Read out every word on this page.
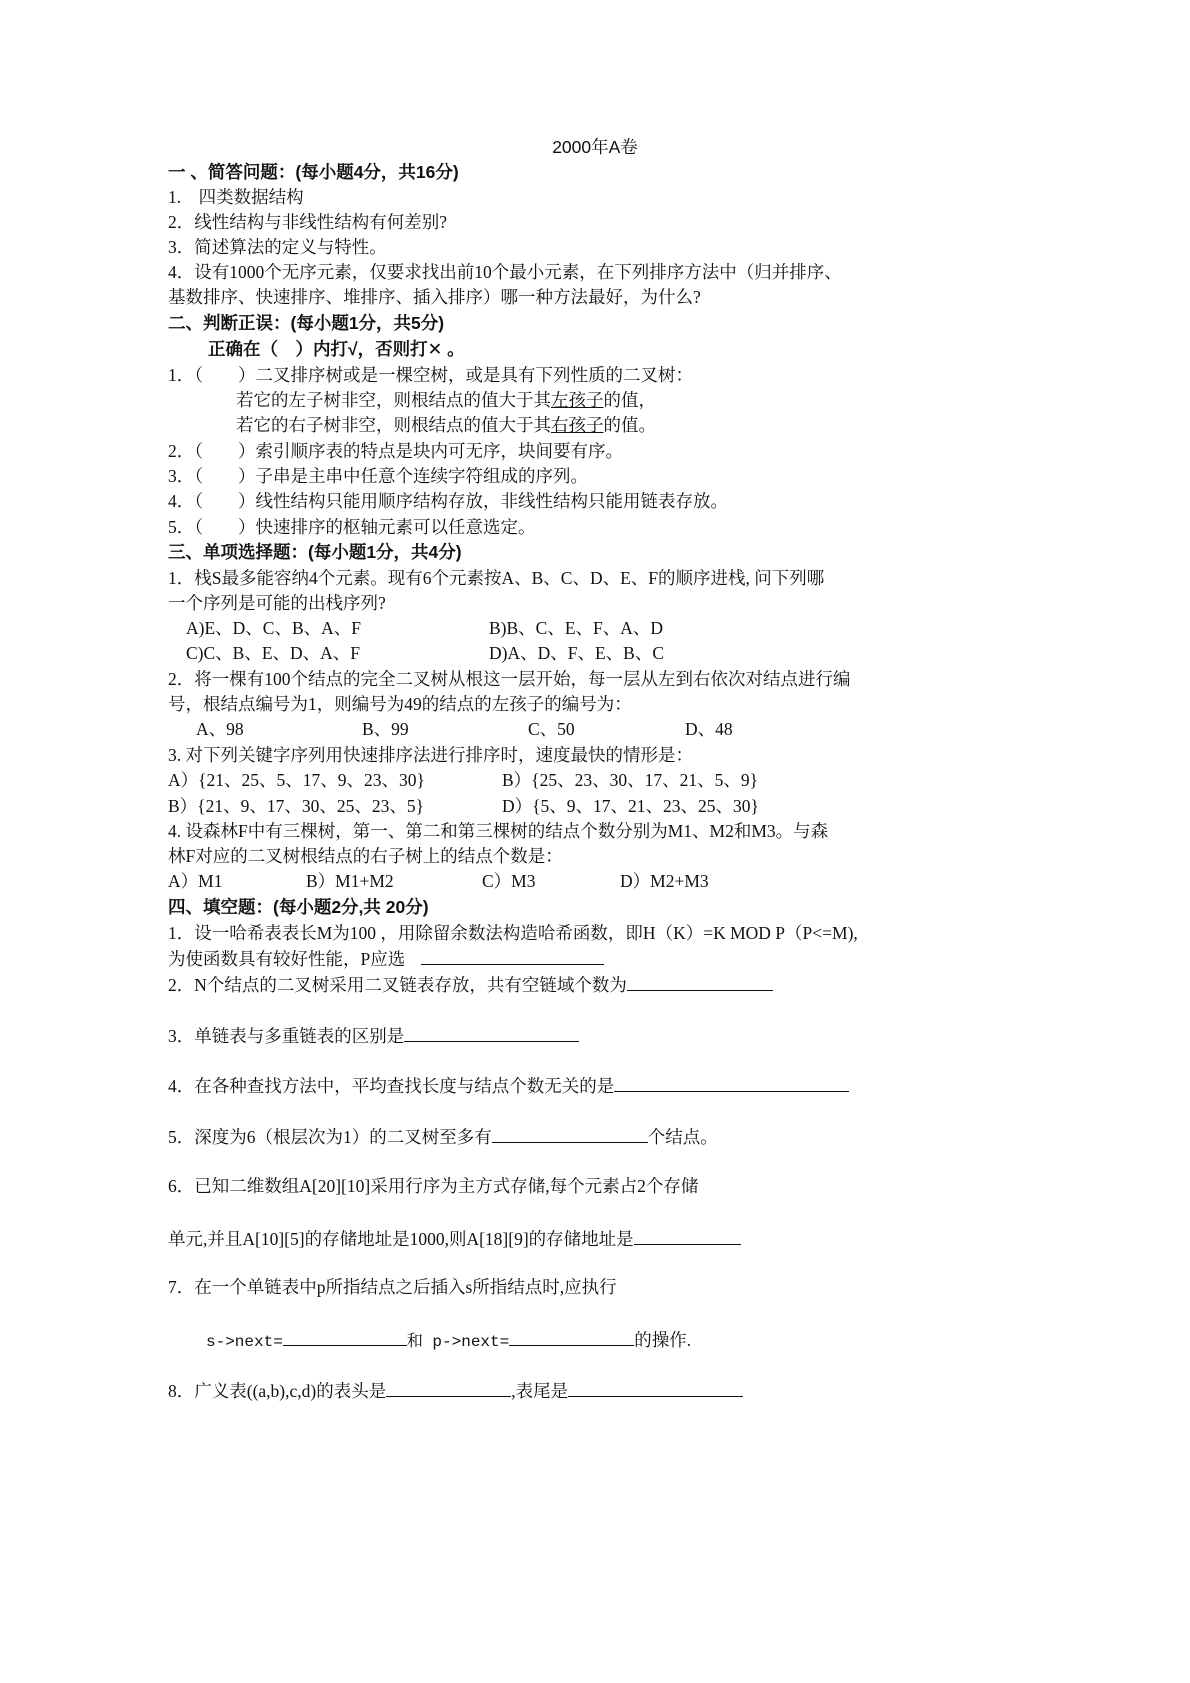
2000年A卷
一 、简答问题：(每小题4分，共16分)
1.　四类数据结构
2．线性结构与非线性结构有何差别?
3．简述算法的定义与特性。
4．设有1000个无序元素，仅要求找出前10个最小元素，在下列排序方法中（归并排序、
基数排序、快速排序、堆排序、插入排序）哪一种方法最好，为什么?
二、判断正误：(每小题1分，共5分)
正确在（　）内打√，否则打✕ 。
1．（　　）二叉排序树或是一棵空树，或是具有下列性质的二叉树：
若它的左子树非空，则根结点的值大于其左孩子的值，
若它的右子树非空，则根结点的值大于其右孩子的值。
2．（　　）索引顺序表的特点是块内可无序，块间要有序。
3．（　　）子串是主串中任意个连续字符组成的序列。
4．（　　）线性结构只能用顺序结构存放，非线性结构只能用链表存放。
5．（　　）快速排序的枢轴元素可以任意选定。
三、单项选择题：(每小题1分，共4分)
1．栈S最多能容纳4个元素。现有6个元素按A、B、C、D、E、F的顺序进栈, 问下列哪
一个序列是可能的出栈序列?
A)E、D、C、B、A、F	B)B、C、E、F、A、D
C)C、B、E、D、A、F	D)A、D、F、E、B、C
2．将一棵有100个结点的完全二叉树从根这一层开始，每一层从左到右依次对结点进行编
号，根结点编号为1，则编号为49的结点的左孩子的编号为：
A、98	B、99	C、50	D、48
3. 对下列关键字序列用快速排序法进行排序时，速度最快的情形是：
A）{21、25、5、17、9、23、30}	B）{25、23、30、17、21、5、9}
B）{21、9、17、30、25、23、5}	D）{5、9、17、21、23、25、30}
4. 设森林F中有三棵树，第一、第二和第三棵树的结点个数分别为M1、M2和M3。与森
林F对应的二叉树根结点的右子树上的结点个数是：
A）M1	B）M1+M2	C）M3	D）M2+M3
四、填空题：(每小题2分,共 20分)
1．设一哈希表表长M为100 ，用除留余数法构造哈希函数，即H（K）=K MOD P（P<=M),
为使函数具有较好性能，P应选
2．N个结点的二叉树采用二叉链表存放，共有空链域个数为
3．单链表与多重链表的区别是
4．在各种查找方法中，平均查找长度与结点个数无关的是
5．深度为6（根层次为1）的二叉树至多有	个结点。
6．已知二维数组A[20][10]采用行序为主方式存储,每个元素占2个存储
单元,并且A[10][5]的存储地址是1000,则A[18][9]的存储地址是
7．在一个单链表中p所指结点之后插入s所指结点时,应执行
s->next=	和 p->next=	的操作.
8．广义表((a,b),c,d)的表头是	,表尾是
